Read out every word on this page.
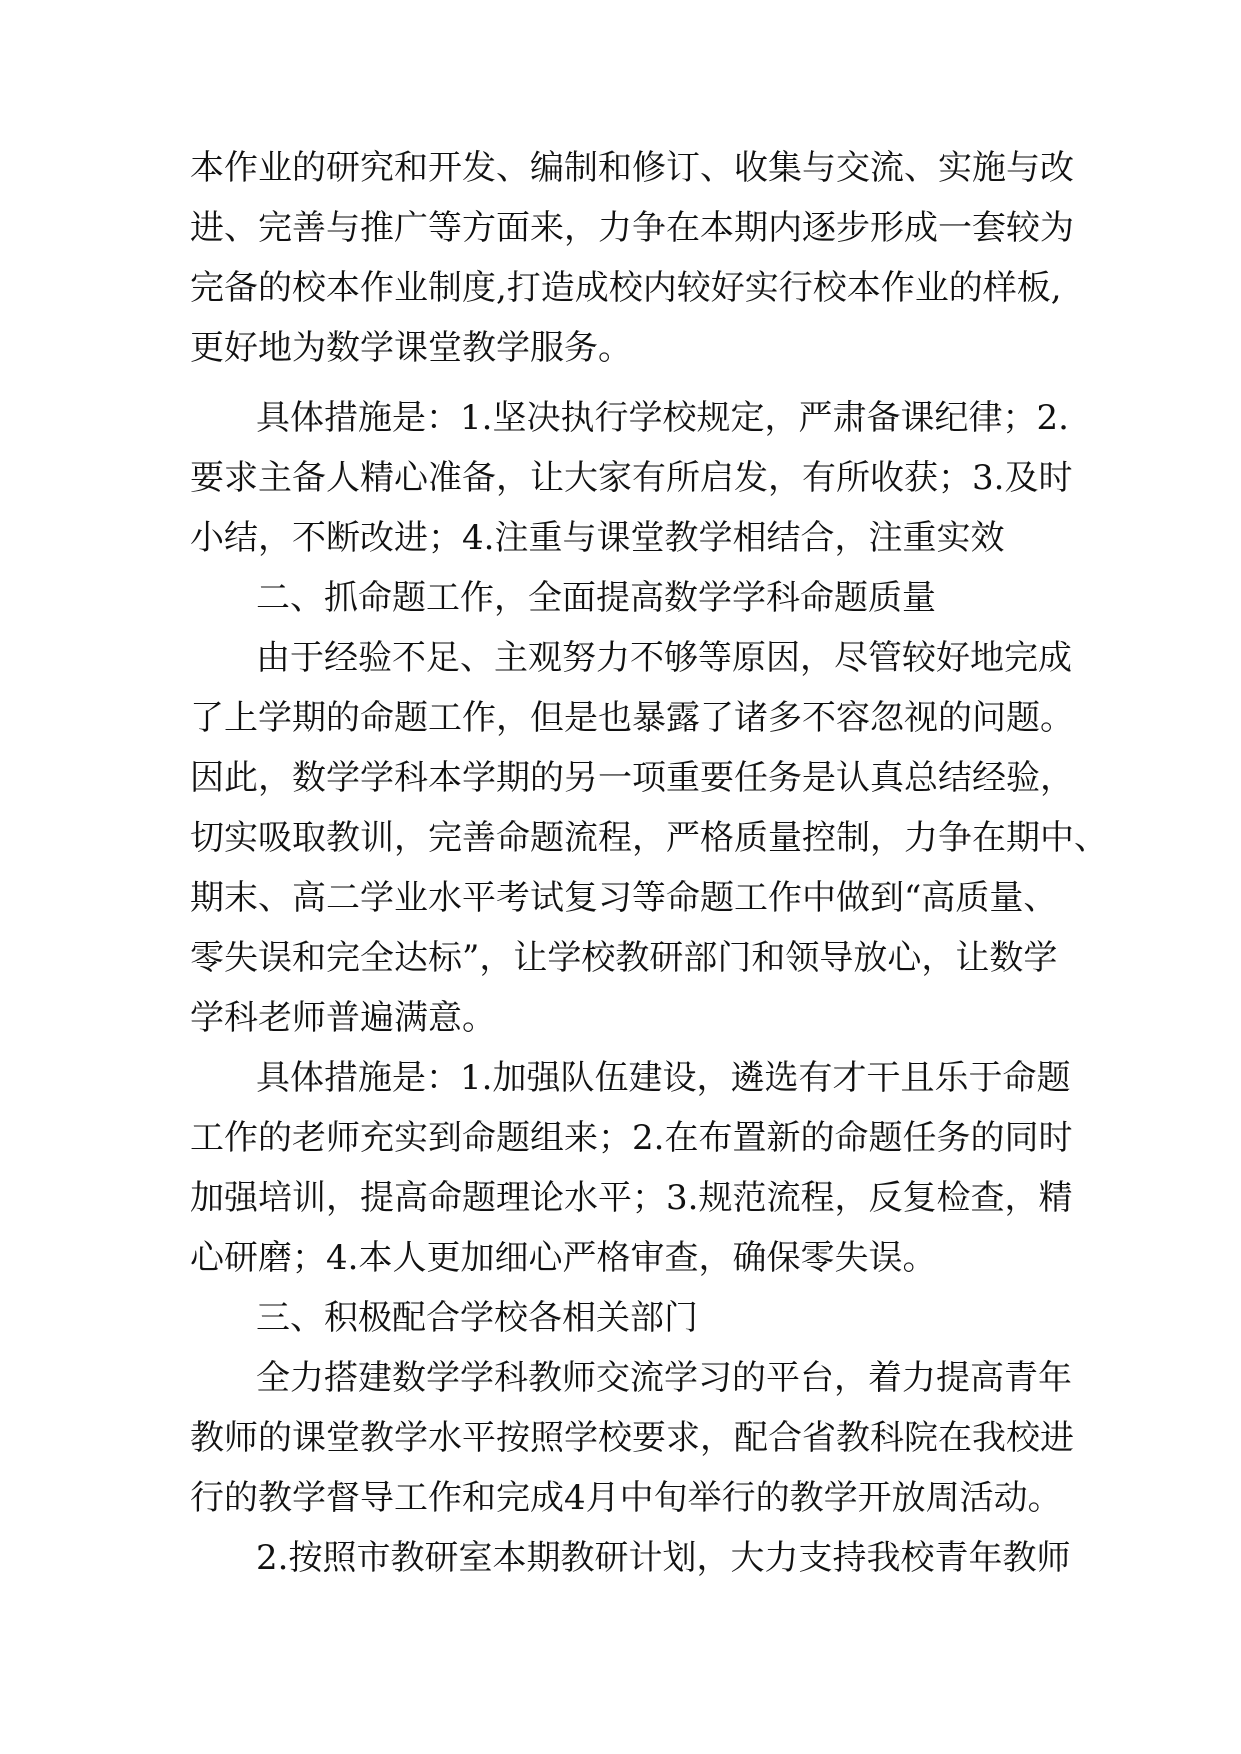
本作业的研究和开发、编制和修订、收集与交流、实施与改
进、完善与推广等方面来，力争在本期内逐步形成一套较为
完备的校本作业制度,打造成校内较好实行校本作业的样板,
更好地为数学课堂教学服务。
具体措施是：1.坚决执行学校规定，严肃备课纪律；2.
要求主备人精心准备，让大家有所启发，有所收获；3.及时
小结，不断改进；4.注重与课堂教学相结合，注重实效
二、抓命题工作，全面提高数学学科命题质量
由于经验不足、主观努力不够等原因，尽管较好地完成
了上学期的命题工作，但是也暴露了诸多不容忽视的问题。
因此，数学学科本学期的另一项重要任务是认真总结经验，
切实吸取教训，完善命题流程，严格质量控制，力争在期中、
期末、高二学业水平考试复习等命题工作中做到“高质量、
零失误和完全达标”，让学校教研部门和领导放心，让数学
学科老师普遍满意。
具体措施是：1.加强队伍建设，遴选有才干且乐于命题
工作的老师充实到命题组来；2.在布置新的命题任务的同时
加强培训，提高命题理论水平；3.规范流程，反复检查，精
心研磨；4.本人更加细心严格审查，确保零失误。
三、积极配合学校各相关部门
全力搭建数学学科教师交流学习的平台，着力提高青年
教师的课堂教学水平按照学校要求，配合省教科院在我校进
行的教学督导工作和完成4月中旬举行的教学开放周活动。
2.按照市教研室本期教研计划，大力支持我校青年教师
